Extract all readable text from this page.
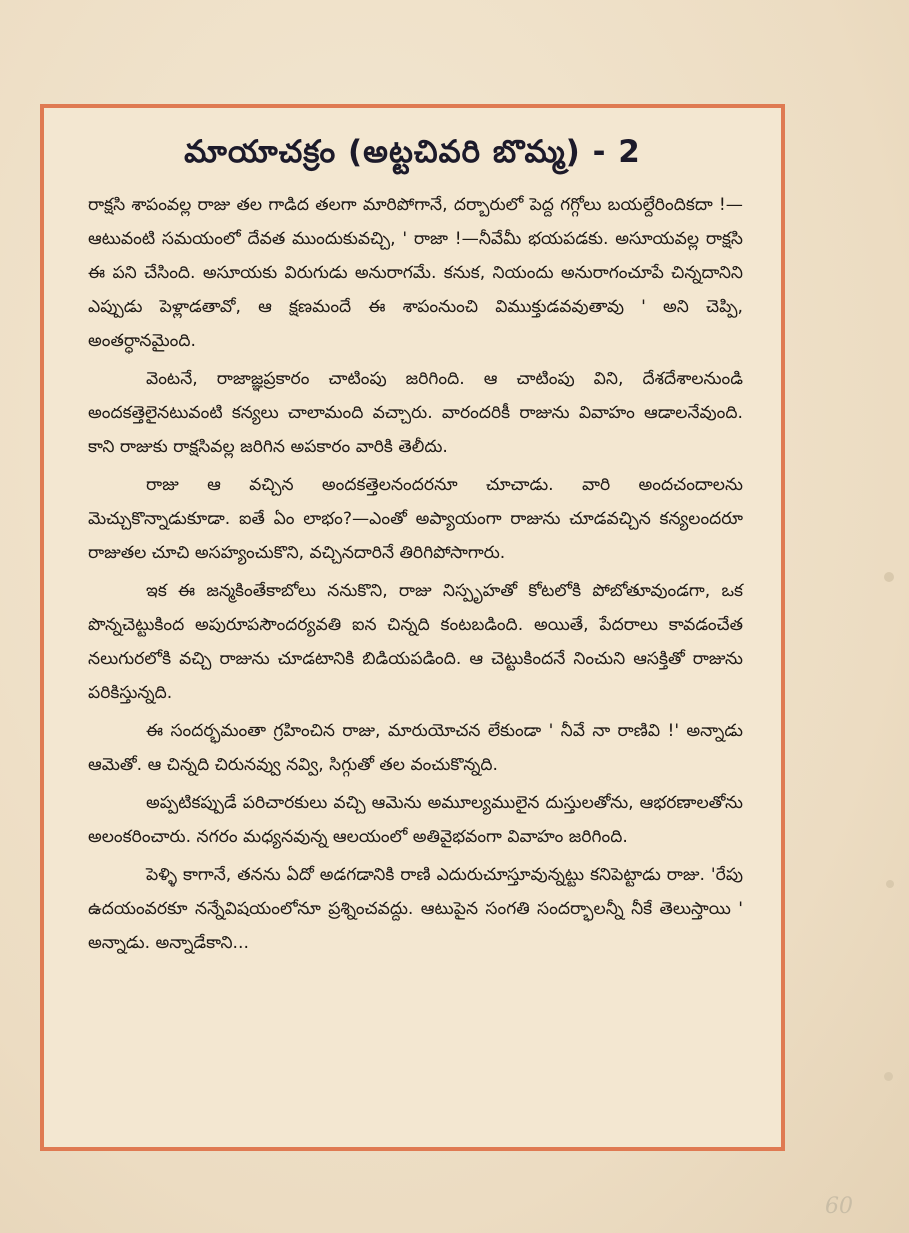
మాయాచక్రం (అట్టచివరి బొమ్మ) - 2

రాక్షసి శాపంవల్ల రాజు తల గాడిద తలగా మారిపోగానే, దర్బారులో పెద్ద గగ్గోలు బయల్దేరిందికదా !—ఆటువంటి సమయంలో దేవత ముందుకువచ్చి, ' రాజా !—నీవేమీ భయపడకు. అసూయవల్ల రాక్షసి ఈ పని చేసింది. అసూయకు విరుగుడు అనురాగమే. కనుక, నియందు అనురాగంచూపే చిన్నదానిని ఎప్పుడు పెళ్లాడతావో, ఆ క్షణమందే ఈ శాపంనుంచి విముక్తుడవవుతావు ' అని చెప్పి, అంతర్ధానమైంది.

వెంటనే, రాజాజ్ఞప్రకారం చాటింపు జరిగింది. ఆ చాటింపు విని, దేశదేశాలనుండి అందకత్తెలైనటువంటి కన్యలు చాలామంది వచ్చారు. వారందరికీ రాజును వివాహం ఆడాలనేవుంది. కాని రాజుకు రాక్షసివల్ల జరిగిన అపకారం వారికి తెలీదు.

రాజు ఆ వచ్చిన అందకత్తెలనందరనూ చూచాడు. వారి అందచందాలను మెచ్చుకొన్నాడుకూడా. ఐతే ఏం లాభం?—ఎంతో అప్యాయంగా రాజును చూడవచ్చిన కన్యలందరూ రాజుతల చూచి అసహ్యంచుకొని, వచ్చినదారినే తిరిగిపోసాగారు.

ఇక ఈ జన్మకింతేకాబోలు ననుకొని, రాజు నిస్పృహతో కోటలోకి పోబోతూవుండగా, ఒక పొన్నచెట్టుకింద అపురూపసౌందర్యవతి ఐన చిన్నది కంటబడింది. అయితే, పేదరాలు కావడంచేత నలుగురలోకి వచ్చి రాజును చూడటానికి బిడియపడింది. ఆ చెట్టుకిందనే నించుని ఆసక్తితో రాజును పరికిస్తున్నది.

ఈ సందర్భమంతా గ్రహించిన రాజు, మారుయోచన లేకుండా ' నీవే నా రాణివి !' అన్నాడు ఆమెతో. ఆ చిన్నది చిరునవ్వు నవ్వి, సిగ్గుతో తల వంచుకొన్నది.

అప్పటికప్పుడే పరిచారకులు వచ్చి ఆమెను అమూల్యములైన దుస్తులతోను, ఆభరణాలతోను అలంకరించారు. నగరం మధ్యనవున్న ఆలయంలో అతివైభవంగా వివాహం జరిగింది.

పెళ్ళి కాగానే, తనను ఏదో అడగడానికి రాణి ఎదురుచూస్తూవున్నట్టు కనిపెట్టాడు రాజు. 'రేపు ఉదయంవరకూ నన్నేవిషయంలోనూ ప్రశ్నించవద్దు. ఆటుపైన సంగతి సందర్భాలన్నీ నీకే తెలుస్తాయి ' అన్నాడు. అన్నాడేకాని...

60
